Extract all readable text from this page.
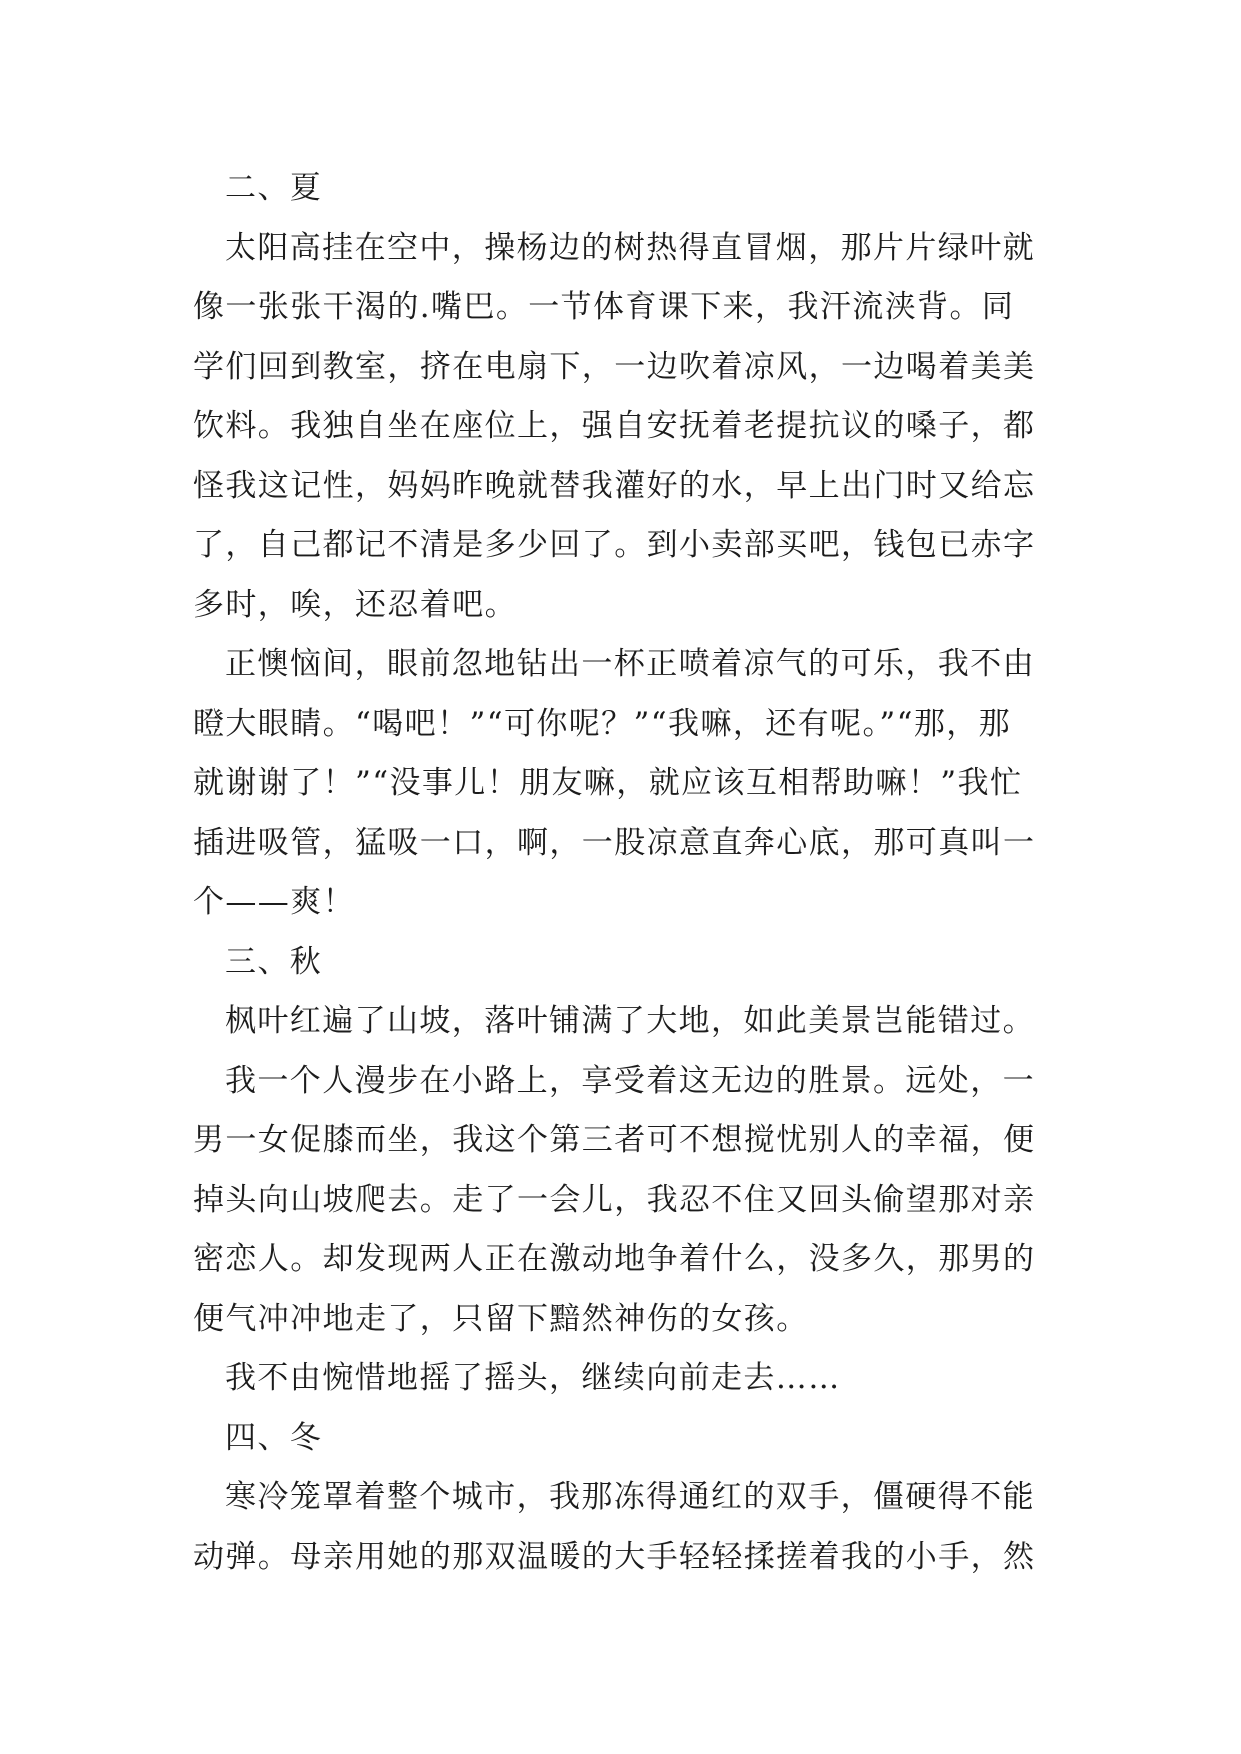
二、夏
太阳高挂在空中，操杨边的树热得直冒烟，那片片绿叶就
像一张张干渴的.嘴巴。一节体育课下来，我汗流浃背。同
学们回到教室，挤在电扇下，一边吹着凉风，一边喝着美美
饮料。我独自坐在座位上，强自安抚着老提抗议的嗓子，都
怪我这记性，妈妈昨晚就替我灌好的水，早上出门时又给忘
了，自己都记不清是多少回了。到小卖部买吧，钱包已赤字
多时，唉，还忍着吧。
正懊恼间，眼前忽地钻出一杯正喷着凉气的可乐，我不由
瞪大眼睛。“喝吧！”“可你呢？”“我嘛，还有呢。”“那，那
就谢谢了！”“没事儿！朋友嘛，就应该互相帮助嘛！”我忙
插进吸管，猛吸一口，啊，一股凉意直奔心底，那可真叫一
个——爽！
三、秋
枫叶红遍了山坡，落叶铺满了大地，如此美景岂能错过。
我一个人漫步在小路上，享受着这无边的胜景。远处，一
男一女促膝而坐，我这个第三者可不想搅忧别人的幸福，便
掉头向山坡爬去。走了一会儿，我忍不住又回头偷望那对亲
密恋人。却发现两人正在激动地争着什么，没多久，那男的
便气冲冲地走了，只留下黯然神伤的女孩。
我不由惋惜地摇了摇头，继续向前走去……
四、冬
寒冷笼罩着整个城市，我那冻得通红的双手，僵硬得不能
动弹。母亲用她的那双温暖的大手轻轻揉搓着我的小手，然
